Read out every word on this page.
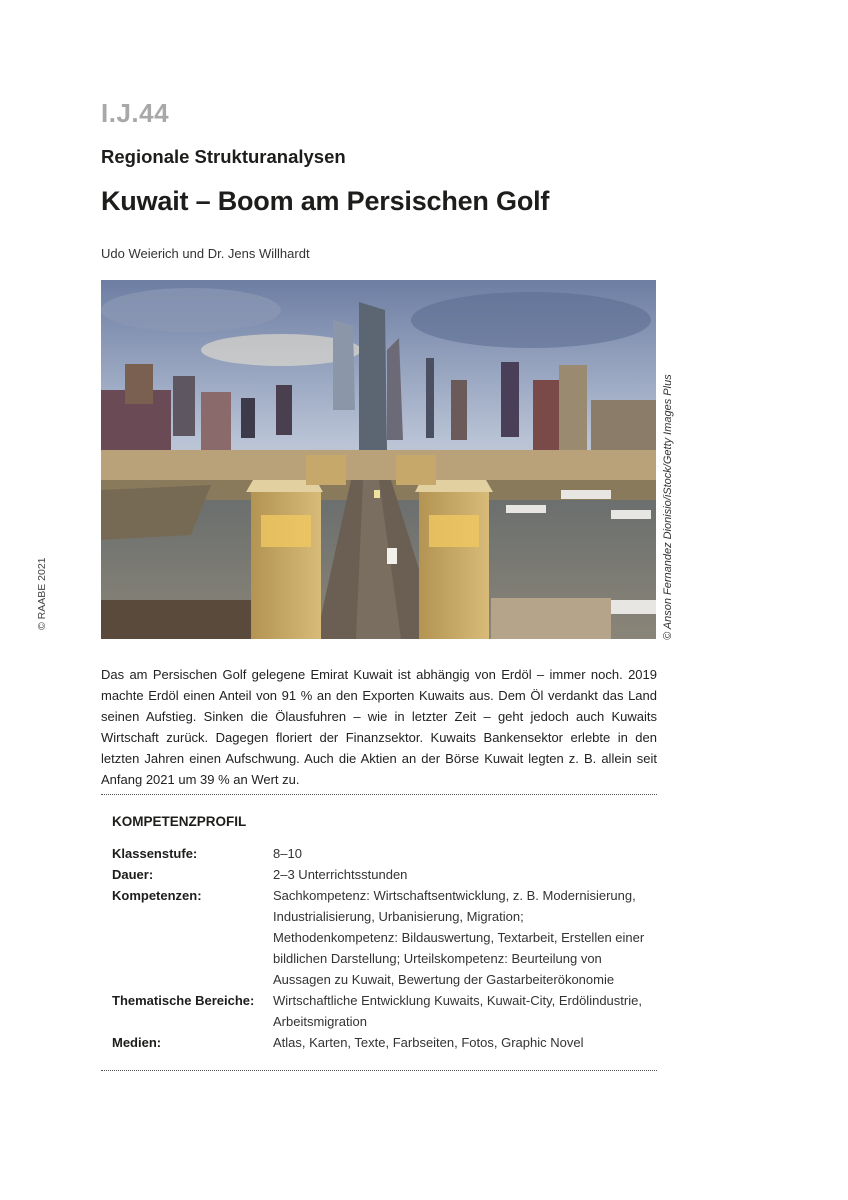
I.J.44
Regionale Strukturanalysen
Kuwait – Boom am Persischen Golf
Udo Weierich und Dr. Jens Willhardt
© Anson Fernandez Dionisio/iStock/Getty Images Plus
© RAABE 2021
Das am Persischen Golf gelegene Emirat Kuwait ist abhängig von Erdöl – immer noch. 2019 machte Erdöl einen Anteil von 91 % an den Exporten Kuwaits aus. Dem Öl verdankt das Land seinen Aufstieg. Sinken die Ölausfuhren – wie in letzter Zeit – geht jedoch auch Kuwaits Wirtschaft zurück. Dagegen floriert der Finanzsektor. Kuwaits Bankensektor erlebte in den letzten Jahren einen Aufschwung. Auch die Aktien an der Börse Kuwait legten z. B. allein seit Anfang 2021 um 39 % an Wert zu.
KOMPETENZPROFIL
Klassenstufe:	8–10
Dauer:	2–3 Unterrichtsstunden
Kompetenzen:	Sachkompetenz: Wirtschaftsentwicklung, z. B. Modernisierung, Industrialisierung, Urbanisierung, Migration; Methodenkompetenz: Bildauswertung, Textarbeit, Erstellen einer bildlichen Darstellung; Urteilskompetenz: Beurteilung von Aussagen zu Kuwait, Bewertung der Gastarbeiterökonomie
Thematische Bereiche:	Wirtschaftliche Entwicklung Kuwaits, Kuwait-City, Erdölindustrie, Arbeitsmigration
Medien:	Atlas, Karten, Texte, Farbseiten, Fotos, Graphic Novel
